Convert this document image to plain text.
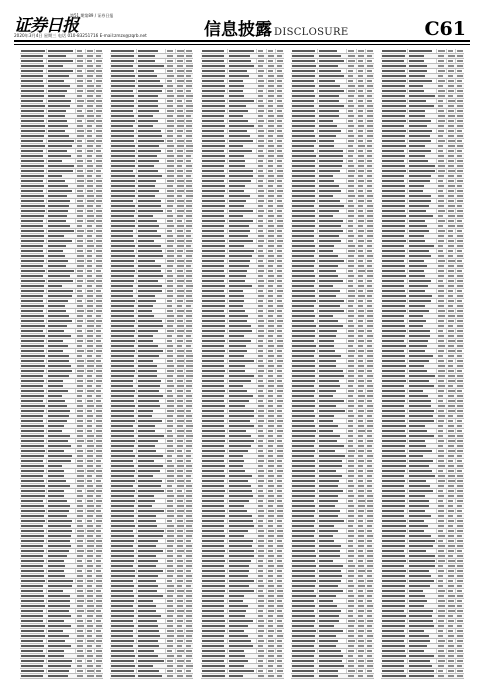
证券日报
第51 期第89 / 证券日报
2020年3月4日 星期三 电话 010-83251716 E-mail:zmzx@zqrb.net	信息披露 DISCLOSURE	C61
